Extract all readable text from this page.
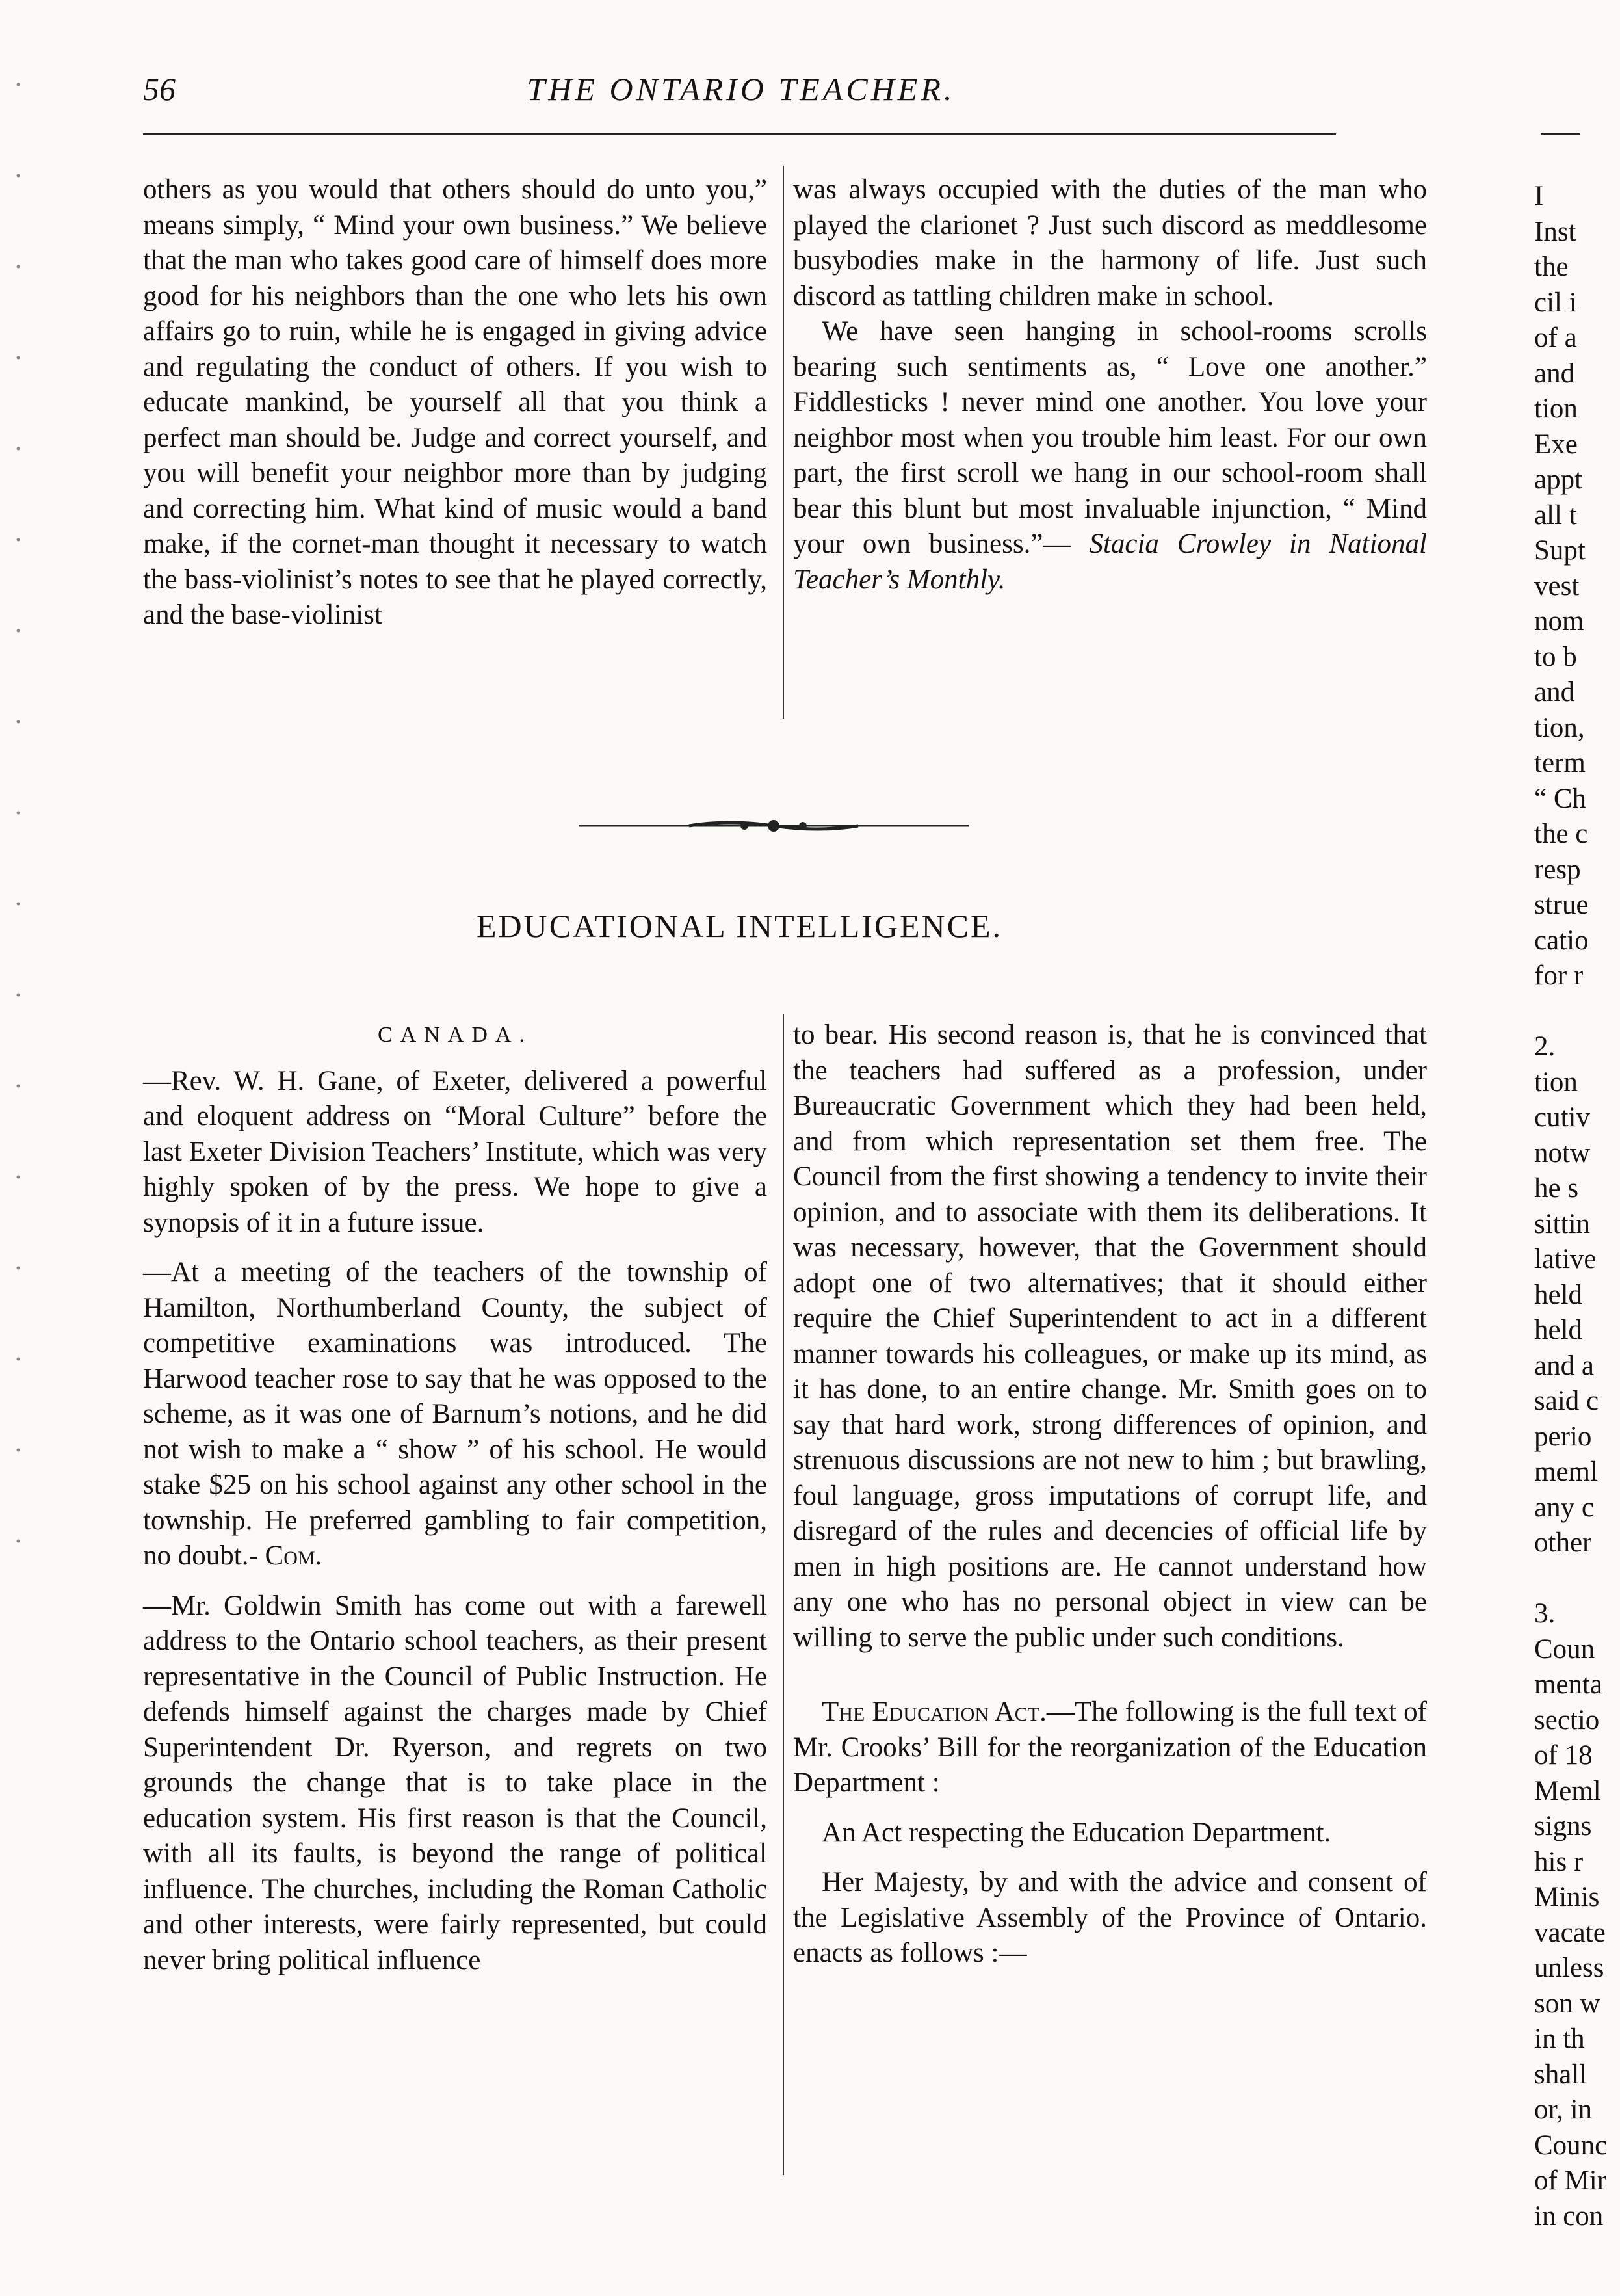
56	THE ONTARIO TEACHER.

others as you would that others should do unto you,” means simply, “ Mind your own business.” We believe that the man who takes good care of himself does more good for his neighbors than the one who lets his own affairs go to ruin, while he is engaged in giving advice and regulating the conduct of others. If you wish to educate mankind, be yourself all that you think a perfect man should be. Judge and correct yourself, and you will benefit your neighbor more than by judging and correcting him. What kind of music would a band make, if the cornet-man thought it necessary to watch the bass-violinist’s notes to see that he played correctly, and the base-violinist

was always occupied with the duties of the man who played the clarionet ? Just such discord as meddlesome busybodies make in the harmony of life. Just such discord as tattling children make in school.

We have seen hanging in school-rooms scrolls bearing such sentiments as, “ Love one another.” Fiddlesticks ! never mind one another. You love your neighbor most when you trouble him least. For our own part, the first scroll we hang in our school-room shall bear this blunt but most invaluable injunction, “ Mind your own business.”— Stacia Crowley in National Teacher’s Monthly.

EDUCATIONAL INTELLIGENCE.

CANADA.

—Rev. W. H. Gane, of Exeter, delivered a powerful and eloquent address on “Moral Culture” before the last Exeter Division Teachers’ Institute, which was very highly spoken of by the press. We hope to give a synopsis of it in a future issue.

—At a meeting of the teachers of the township of Hamilton, Northumberland County, the subject of competitive examinations was introduced. The Harwood teacher rose to say that he was opposed to the scheme, as it was one of Barnum’s notions, and he did not wish to make a “ show ” of his school. He would stake $25 on his school against any other school in the township. He preferred gambling to fair competition, no doubt.- Com.

—Mr. Goldwin Smith has come out with a farewell address to the Ontario school teachers, as their present representative in the Council of Public Instruction. He defends himself against the charges made by Chief Superintendent Dr. Ryerson, and regrets on two grounds the change that is to take place in the education system. His first reason is that the Council, with all its faults, is beyond the range of political influence. The churches, including the Roman Catholic and other interests, were fairly represented, but could never bring political influence

to bear. His second reason is, that he is convinced that the teachers had suffered as a profession, under Bureaucratic Government which they had been held, and from which representation set them free. The Council from the first showing a tendency to invite their opinion, and to associate with them its deliberations. It was necessary, however, that the Government should adopt one of two alternatives; that it should either require the Chief Superintendent to act in a different manner towards his colleagues, or make up its mind, as it has done, to an entire change. Mr. Smith goes on to say that hard work, strong differences of opinion, and strenuous discussions are not new to him ; but brawling, foul language, gross imputations of corrupt life, and disregard of the rules and decencies of official life by men in high positions are. He cannot understand how any one who has no personal object in view can be willing to serve the public under such conditions.

The Education Act.—The following is the full text of Mr. Crooks’ Bill for the reorganization of the Education Department :

An Act respecting the Education Department.

Her Majesty, by and with the advice and consent of the Legislative Assembly of the Province of Ontario. enacts as follows :—

I
Inst
the
cil i
of a
and
tion
Exe
appt
all t
Supt
vest
nom
to b
and
tion,
term
“ Ch
the c
resp
strue
catio
for r

2.
tion
cutiv
notw
he s
sittin
lative
held
held
and a
said c
perio
meml
any c
other

3.
Coun
menta
sectio
of 18
Meml
signs
his r
Minis
vacate
unless
son w
in th
shall
or, in
Counc
of Mir
in con
